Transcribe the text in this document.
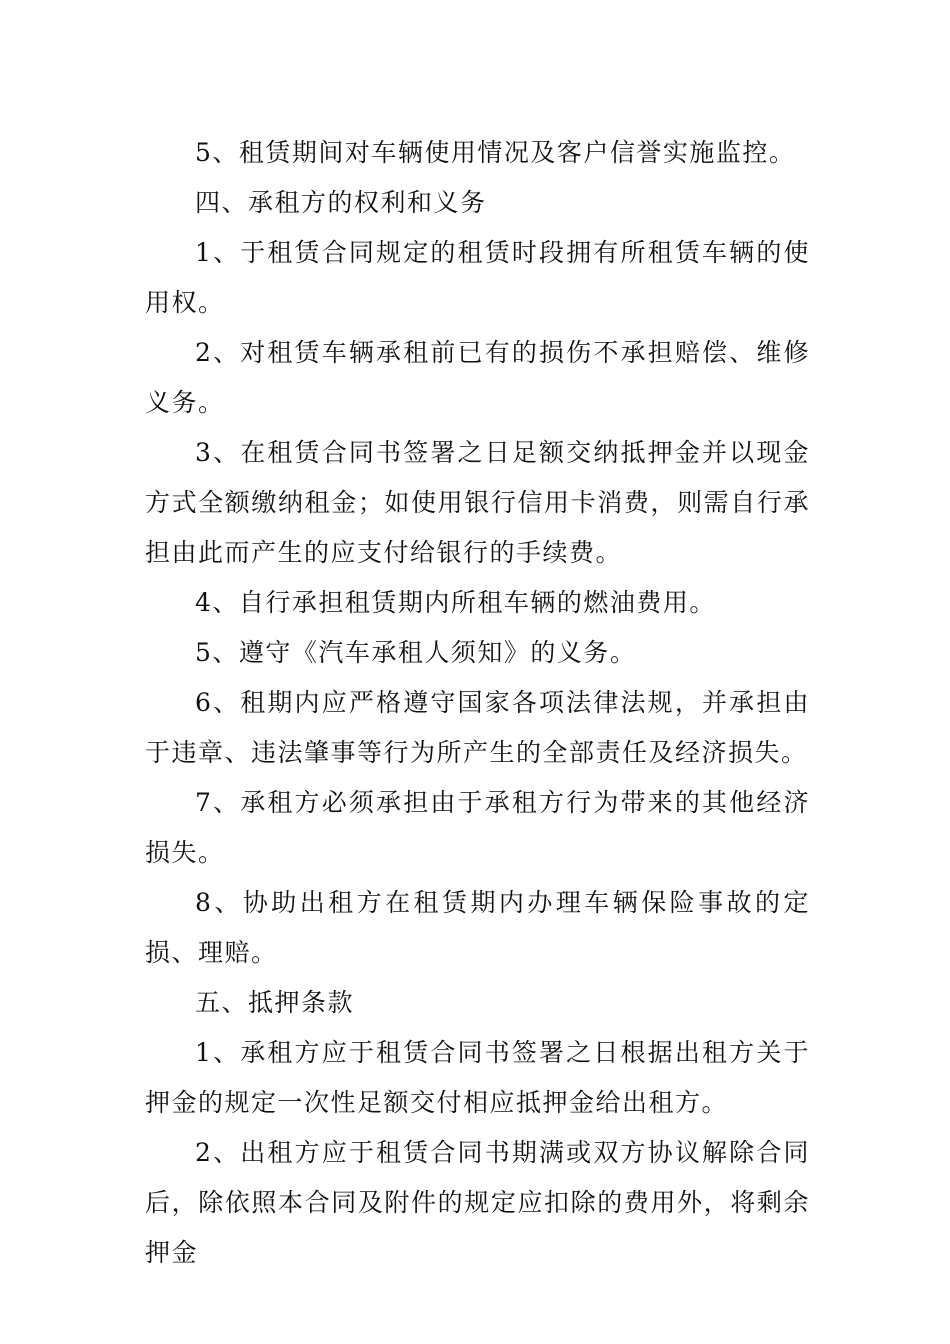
5、租赁期间对车辆使用情况及客户信誉实施监控。

四、承租方的权利和义务

1、于租赁合同规定的租赁时段拥有所租赁车辆的使用权。

2、对租赁车辆承租前已有的损伤不承担赔偿、维修义务。

3、在租赁合同书签署之日足额交纳抵押金并以现金方式全额缴纳租金；如使用银行信用卡消费，则需自行承担由此而产生的应支付给银行的手续费。

4、自行承担租赁期内所租车辆的燃油费用。

5、遵守《汽车承租人须知》的义务。

6、租期内应严格遵守国家各项法律法规，并承担由于违章、违法肇事等行为所产生的全部责任及经济损失。

7、承租方必须承担由于承租方行为带来的其他经济损失。

8、协助出租方在租赁期内办理车辆保险事故的定损、理赔。

五、抵押条款

1、承租方应于租赁合同书签署之日根据出租方关于押金的规定一次性足额交付相应抵押金给出租方。

2、出租方应于租赁合同书期满或双方协议解除合同后，除依照本合同及附件的规定应扣除的费用外，将剩余押金
